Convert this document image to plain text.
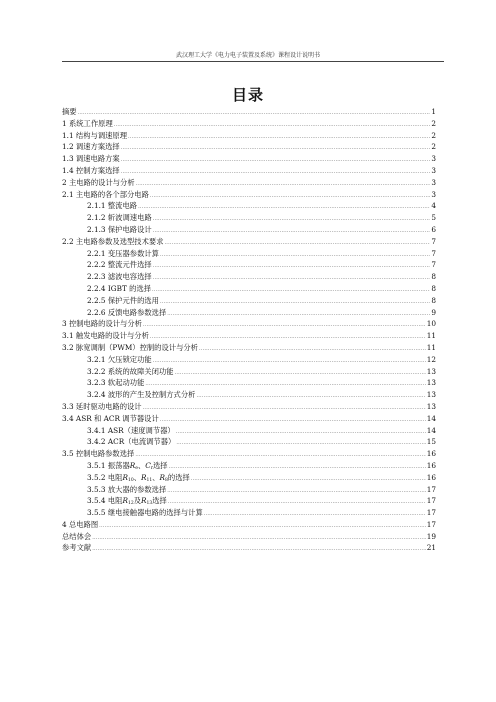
武汉理工大学《电力电子装置及系统》课程设计说明书
目录
摘要 .....	1
1 系统工作原理 .....	2
1.1 结构与调速原理 .....	2
1.2 调速方案选择 .....	2
1.3 调速电路方案 .....	3
1.4 控制方案选择 .....	3
2 主电路的设计与分析 .....	3
2.1 主电路的各个部分电路 .....	3
2.1.1 整流电路 .....	4
2.1.2 斩波调速电路 .....	5
2.1.3 保护电路设计 .....	6
2.2 主电路参数及选型技术要求 .....	7
2.2.1 变压器参数计算 .....	7
2.2.2 整流元件选择 .....	7
2.2.3 滤波电容选择 .....	8
2.2.4 IGBT 的选择 .....	8
2.2.5 保护元件的选用 .....	8
2.2.6 反馈电路参数选择 .....	9
3 控制电路的设计与分析 .....	10
3.1 触发电路的设计与分析 .....	11
3.2 脉宽调制（PWM）控制的设计与分析 .....	11
3.2.1 欠压锁定功能 .....	12
3.2.2 系统的故障关闭功能 .....	13
3.2.3 软起动功能 .....	13
3.2.4 波形的产生及控制方式分析 .....	13
3.3 延时驱动电路的设计 .....	13
3.4 ASR 和 ACR 调节器设计 .....	14
3.4.1 ASR（速度调节器） .....	14
3.4.2 ACR（电流调节器） .....	15
3.5 控制电路参数选择 .....	16
3.5.1 振荡器 $R_e$、$C_r$选择 .....	16
3.5.2 电阻 $R_{10}$、$R_{11}$、$R_8$的选择 .....	16
3.5.3 放大器的参数选择 .....	17
3.5.4 电阻 $R_{12}$及$R_{13}$选择 .....	17
3.5.5 继电接触器电路的选择与计算 .....	17
4 总电路图 .....	17
总结体会 .....	19
参考文献 .....	21
